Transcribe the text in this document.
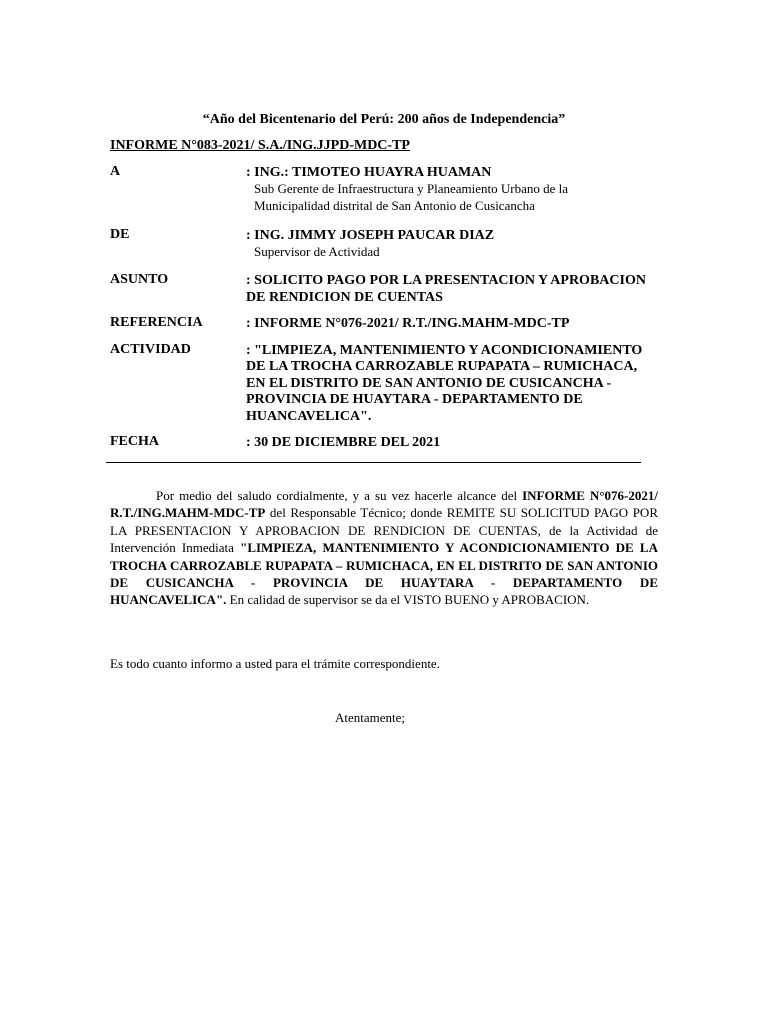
“Año del Bicentenario del Perú: 200 años de Independencia”
INFORME N°083-2021/ S.A./ING.JJPD-MDC-TP
A	: ING.: TIMOTEO HUAYRA HUAMAN
Sub Gerente de Infraestructura y Planeamiento Urbano de la
Municipalidad distrital de San Antonio de Cusicancha
DE	: ING. JIMMY JOSEPH PAUCAR DIAZ
Supervisor de Actividad
ASUNTO	: SOLICITO PAGO POR LA PRESENTACION Y APROBACION
DE RENDICION DE CUENTAS
REFERENCIA	: INFORME N°076-2021/ R.T./ING.MAHM-MDC-TP
ACTIVIDAD	: "LIMPIEZA, MANTENIMIENTO Y ACONDICIONAMIENTO
DE LA TROCHA CARROZABLE RUPAPATA – RUMICHACA,
EN EL DISTRITO DE SAN ANTONIO DE CUSICANCHA -
PROVINCIA DE HUAYTARA - DEPARTAMENTO DE
HUANCAVELICA".
FECHA	: 30 DE DICIEMBRE DEL 2021
Por medio del saludo cordialmente, y a su vez hacerle alcance del INFORME N°076-2021/ R.T./ING.MAHM-MDC-TP del Responsable Técnico; donde REMITE SU SOLICITUD PAGO POR LA PRESENTACION Y APROBACION DE RENDICION DE CUENTAS, de la Actividad de Intervención Inmediata "LIMPIEZA, MANTENIMIENTO Y ACONDICIONAMIENTO DE LA TROCHA CARROZABLE RUPAPATA – RUMICHACA, EN EL DISTRITO DE SAN ANTONIO DE CUSICANCHA - PROVINCIA DE HUAYTARA - DEPARTAMENTO DE HUANCAVELICA". En calidad de supervisor se da el VISTO BUENO y APROBACION.
Es todo cuanto informo a usted para el trámite correspondiente.
Atentamente;
